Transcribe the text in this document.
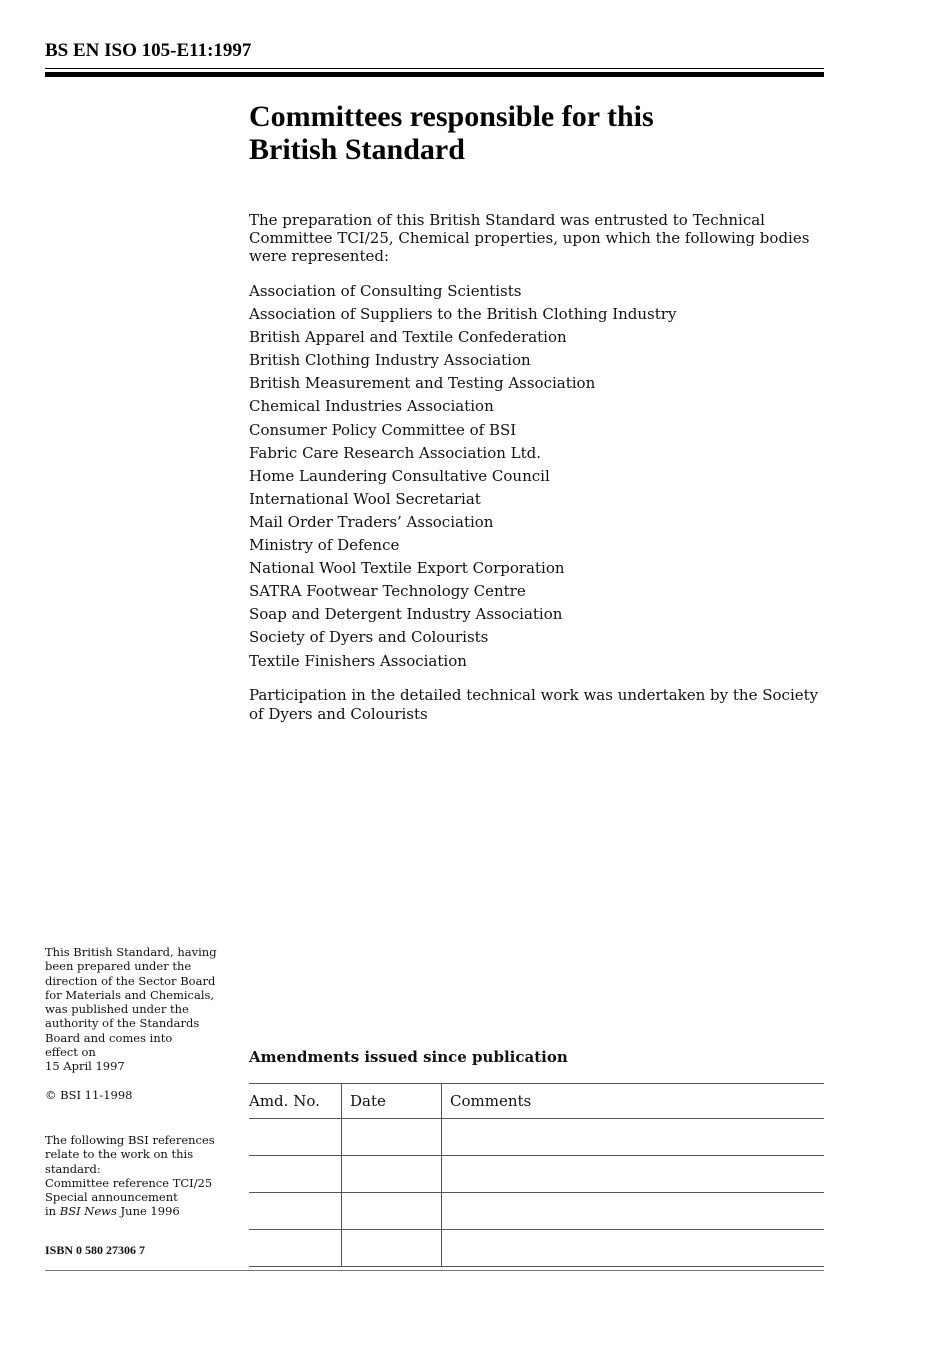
BS EN ISO 105-E11:1997
Committees responsible for this
British Standard

The preparation of this British Standard was entrusted to Technical Committee TCI/25, Chemical properties, upon which the following bodies were represented:

Association of Consulting Scientists
Association of Suppliers to the British Clothing Industry
British Apparel and Textile Confederation
British Clothing Industry Association
British Measurement and Testing Association
Chemical Industries Association
Consumer Policy Committee of BSI
Fabric Care Research Association Ltd.
Home Laundering Consultative Council
International Wool Secretariat
Mail Order Traders’ Association
Ministry of Defence
National Wool Textile Export Corporation
SATRA Footwear Technology Centre
Soap and Detergent Industry Association
Society of Dyers and Colourists
Textile Finishers Association

Participation in the detailed technical work was undertaken by the Society of Dyers and Colourists

This British Standard, having
been prepared under the
direction of the Sector Board
for Materials and Chemicals,
was published under the
authority of the Standards
Board and comes into
effect on
15 April 1997
© BSI 11-1998
The following BSI references
relate to the work on this
standard:
Committee reference TCI/25
Special announcement
in BSI News June 1996
ISBN 0 580 27306 7
Amendments issued since publication
Amd. No.	Date	Comments
